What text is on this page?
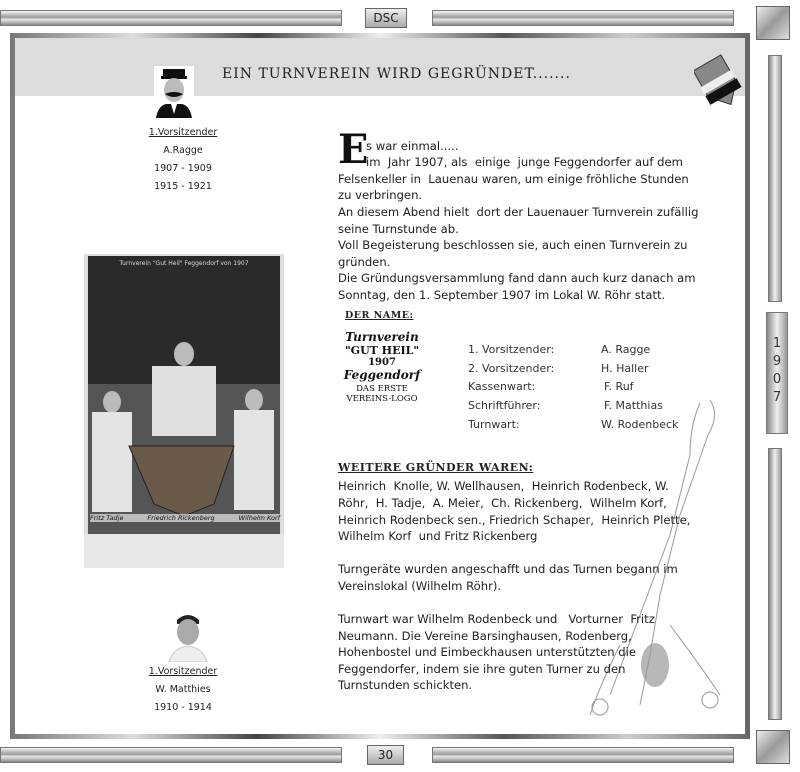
DSC
1
9
0
7
EIN TURNVEREIN WIRD GEGRÜNDET.......
1.Vorsitzender
A.Ragge
1907 - 1909
1915 - 1921
Turnverein "Gut Heil" Feggendorf von 1907
Fritz Tadje	Friedrich Rickenberg	Wilhelm Korf
1.Vorsitzender
W. Matthies
1910 - 1914
E
s war einmal.....
im  Jahr 1907, als  einige  junge Feggendorfer auf dem
Felsenkeller in  Lauenau waren, um einige fröhliche Stunden
zu verbringen.
An diesem Abend hielt  dort der Lauenauer Turnverein zufällig
seine Turnstunde ab.
Voll Begeisterung beschlossen sie, auch einen Turnverein zu
gründen.
Die Gründungsversammlung fand dann auch kurz danach am
Sonntag, den 1. September 1907 im Lokal W. Röhr statt.
DER NAME:
Turnverein
"GUT HEIL"
1907
Feggendorf
DAS ERSTE
VEREINS-LOGO
1. Vorsitzender:	A. Ragge
2. Vorsitzender:	H. Haller
Kassenwart:	F. Ruf
Schriftführer:	F. Matthias
Turnwart:	W. Rodenbeck
WEITERE GRÜNDER WAREN:
Heinrich  Knolle, W. Wellhausen,  Heinrich Rodenbeck, W.
Röhr,  H. Tadje,  A. Meier,  Ch. Rickenberg,  Wilhelm Korf,
Heinrich Rodenbeck sen., Friedrich Schaper,  Heinrich Plette,
Wilhelm Korf  und Fritz Rickenberg
Turngeräte wurden angeschafft und das Turnen begann im
Vereinslokal (Wilhelm Röhr).
Turnwart war Wilhelm Rodenbeck und   Vorturner  Fritz
Neumann. Die Vereine Barsinghausen, Rodenberg,
Hohenbostel und Eimbeckhausen unterstützten die
Feggendorfer, indem sie ihre guten Turner zu den
Turnstunden schickten.
30
